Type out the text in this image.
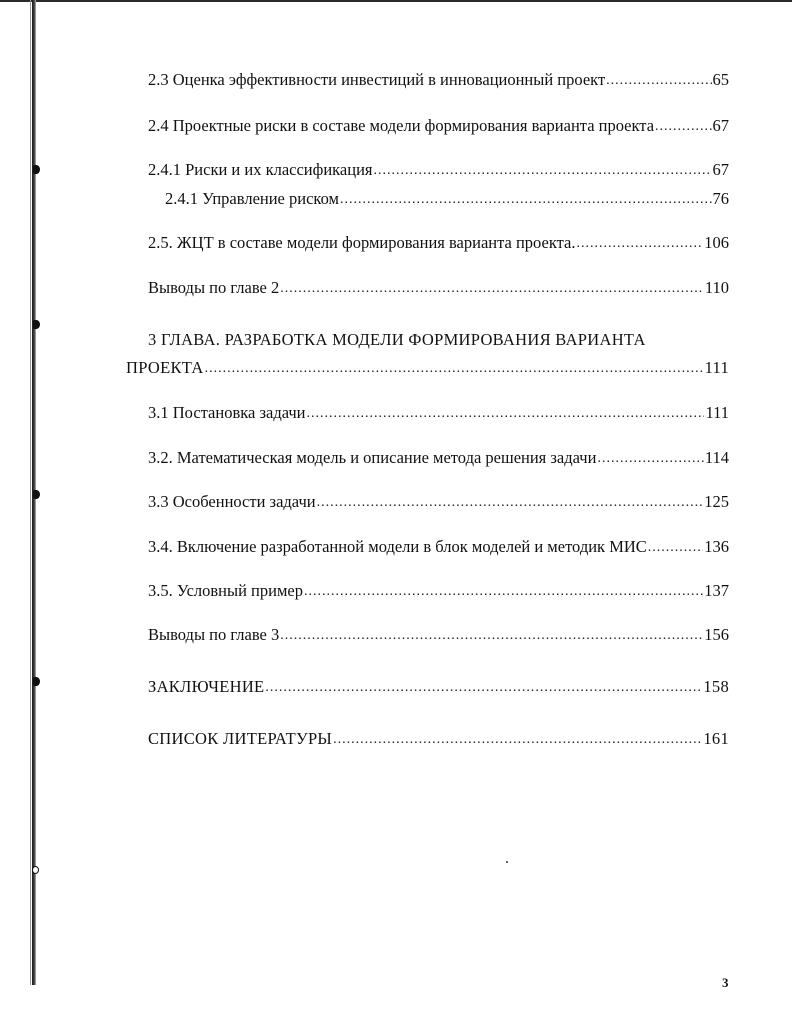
2.3 Оценка эффективности инвестиций в инновационный проект .....	65
2.4 Проектные риски в составе модели формирования варианта проекта .....	67
2.4.1 Риски и их классификация .....	67
2.4.1 Управление риском .....	76
2.5. ЖЦТ в составе модели формирования варианта проекта. .....	106
Выводы по главе 2 .....	110
3 ГЛАВА. РАЗРАБОТКА МОДЕЛИ ФОРМИРОВАНИЯ ВАРИАНТА
ПРОЕКТА .....	111
3.1 Постановка задачи .....	111
3.2. Математическая модель и описание метода решения задачи .....	114
3.3 Особенности задачи .....	125
3.4. Включение разработанной модели в блок моделей и методик МИС .....	136
3.5. Условный пример .....	137
Выводы по главе 3 .....	156
ЗАКЛЮЧЕНИЕ .....	158
СПИСОК ЛИТЕРАТУРЫ .....	161
3
